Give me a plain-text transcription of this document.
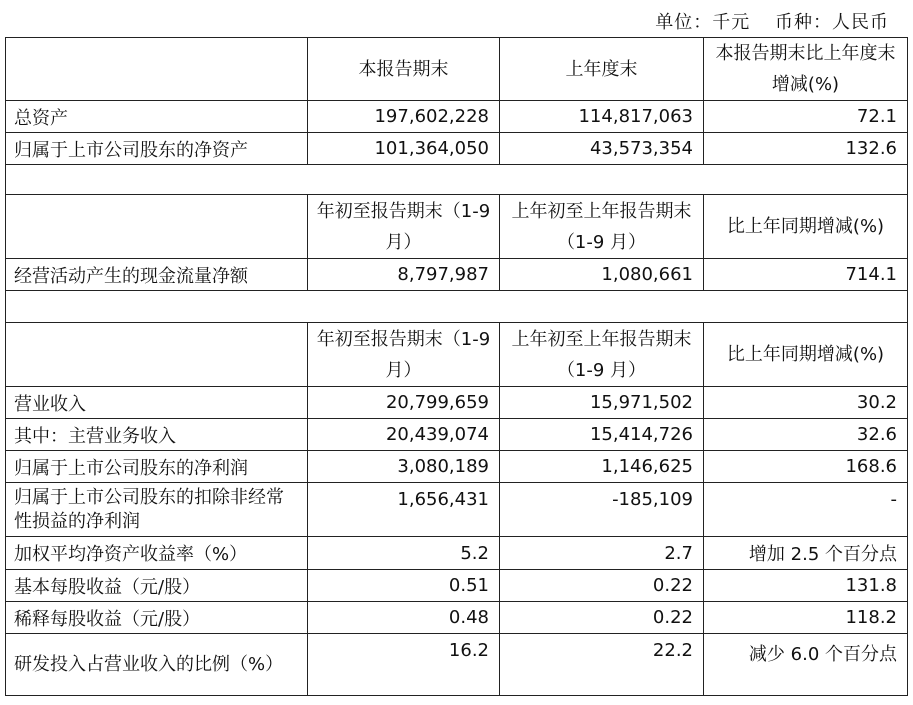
单位：千元 币种：人民币
	本报告期末	上年度末	本报告期末比上年度末增减(%)
总资产	197,602,228	114,817,063	72.1
归属于上市公司股东的净资产	101,364,050	43,573,354	132.6

	年初至报告期末（1-9 月）	上年初至上年报告期末（1-9 月）	比上年同期增减(%)
经营活动产生的现金流量净额	8,797,987	1,080,661	714.1

	年初至报告期末（1-9 月）	上年初至上年报告期末（1-9 月）	比上年同期增减(%)
营业收入	20,799,659	15,971,502	30.2
其中：主营业务收入	20,439,074	15,414,726	32.6
归属于上市公司股东的净利润	3,080,189	1,146,625	168.6
归属于上市公司股东的扣除非经常性损益的净利润	1,656,431	-185,109	-
加权平均净资产收益率（%）	5.2	2.7	增加 2.5 个百分点
基本每股收益（元/股）	0.51	0.22	131.8
稀释每股收益（元/股）	0.48	0.22	118.2
研发投入占营业收入的比例（%）	16.2	22.2	减少 6.0 个百分点
